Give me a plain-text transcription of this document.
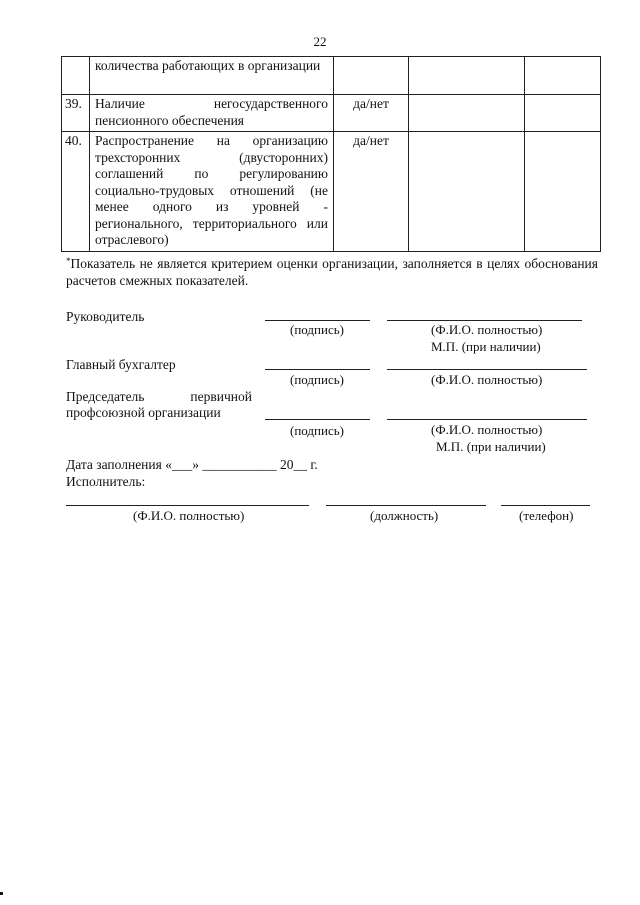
22
	количества работающих в организации			
39.	Наличие негосударственного пенсионного обеспечения	да/нет		
40.	Распространение на организацию трехсторонних (двусторонних) соглашений по регулированию социально-трудовых отношений (не менее одного из уровней - регионального, территориального или отраслевого)	да/нет		
*Показатель не является критерием оценки организации, заполняется в целях обоснования расчетов смежных показателей.
Руководитель
(подпись)	(Ф.И.О. полностью)
М.П. (при наличии)
Главный бухгалтер
(подпись)	(Ф.И.О. полностью)
Председатель первичной
профсоюзной организации
(подпись)	(Ф.И.О. полностью)
М.П. (при наличии)
Дата заполнения «___» ___________ 20__ г.
Исполнитель:
(Ф.И.О. полностью)	(должность)	(телефон)
